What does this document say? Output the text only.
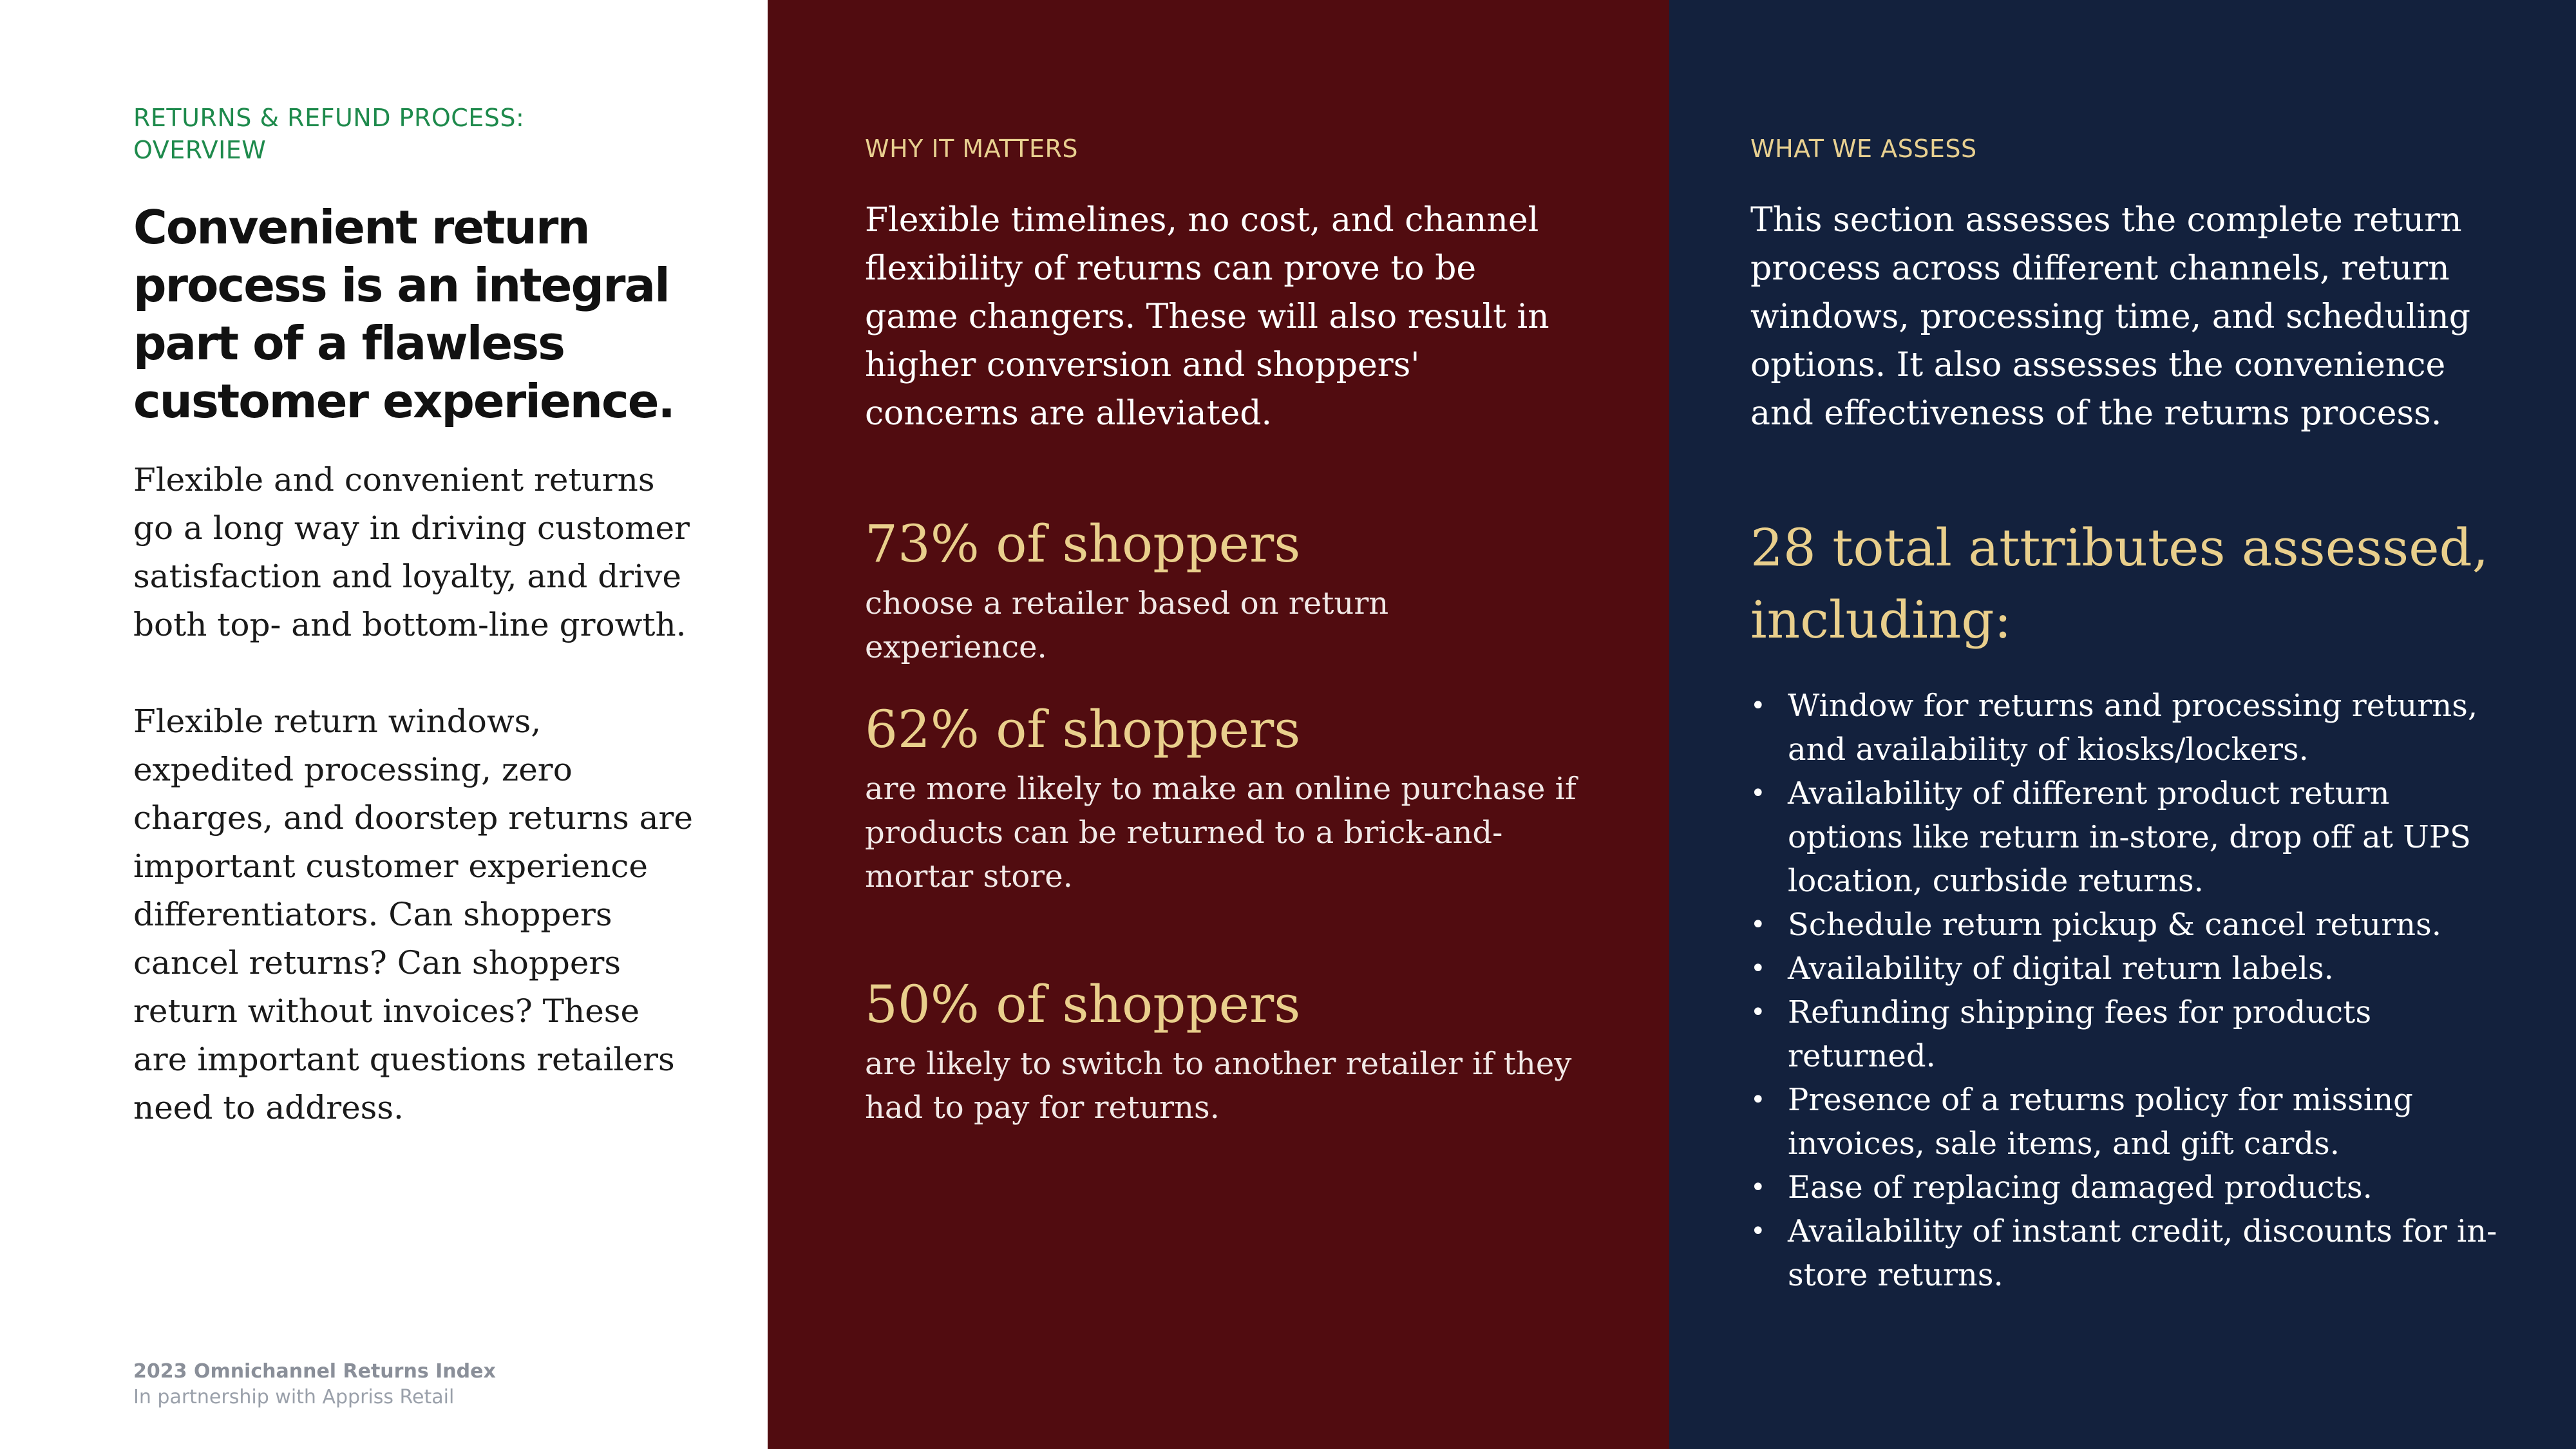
RETURNS & REFUND PROCESS: OVERVIEW

Convenient return process is an integral part of a flawless customer experience.

Flexible and convenient returns go a long way in driving customer satisfaction and loyalty, and drive both top- and bottom-line growth.

Flexible return windows, expedited processing, zero charges, and doorstep returns are important customer experience differentiators. Can shoppers cancel returns? Can shoppers return without invoices? These are important questions retailers need to address.

2023 Omnichannel Returns Index
In partnership with Appriss Retail

WHY IT MATTERS

Flexible timelines, no cost, and channel flexibility of returns can prove to be game changers. These will also result in higher conversion and shoppers' concerns are alleviated.

73% of shoppers

choose a retailer based on return experience.

62% of shoppers

are more likely to make an online purchase if products can be returned to a brick-and-mortar store.

50% of shoppers

are likely to switch to another retailer if they had to pay for returns.

WHAT WE ASSESS

This section assesses the complete return process across different channels, return windows, processing time, and scheduling options. It also assesses the convenience and effectiveness of the returns process.

28 total attributes assessed, including:

• Window for returns and processing returns, and availability of kiosks/lockers.
• Availability of different product return options like return in-store, drop off at UPS location, curbside returns.
• Schedule return pickup & cancel returns.
• Availability of digital return labels.
• Refunding shipping fees for products returned.
• Presence of a returns policy for missing invoices, sale items, and gift cards.
• Ease of replacing damaged products.
• Availability of instant credit, discounts for in-store returns.
